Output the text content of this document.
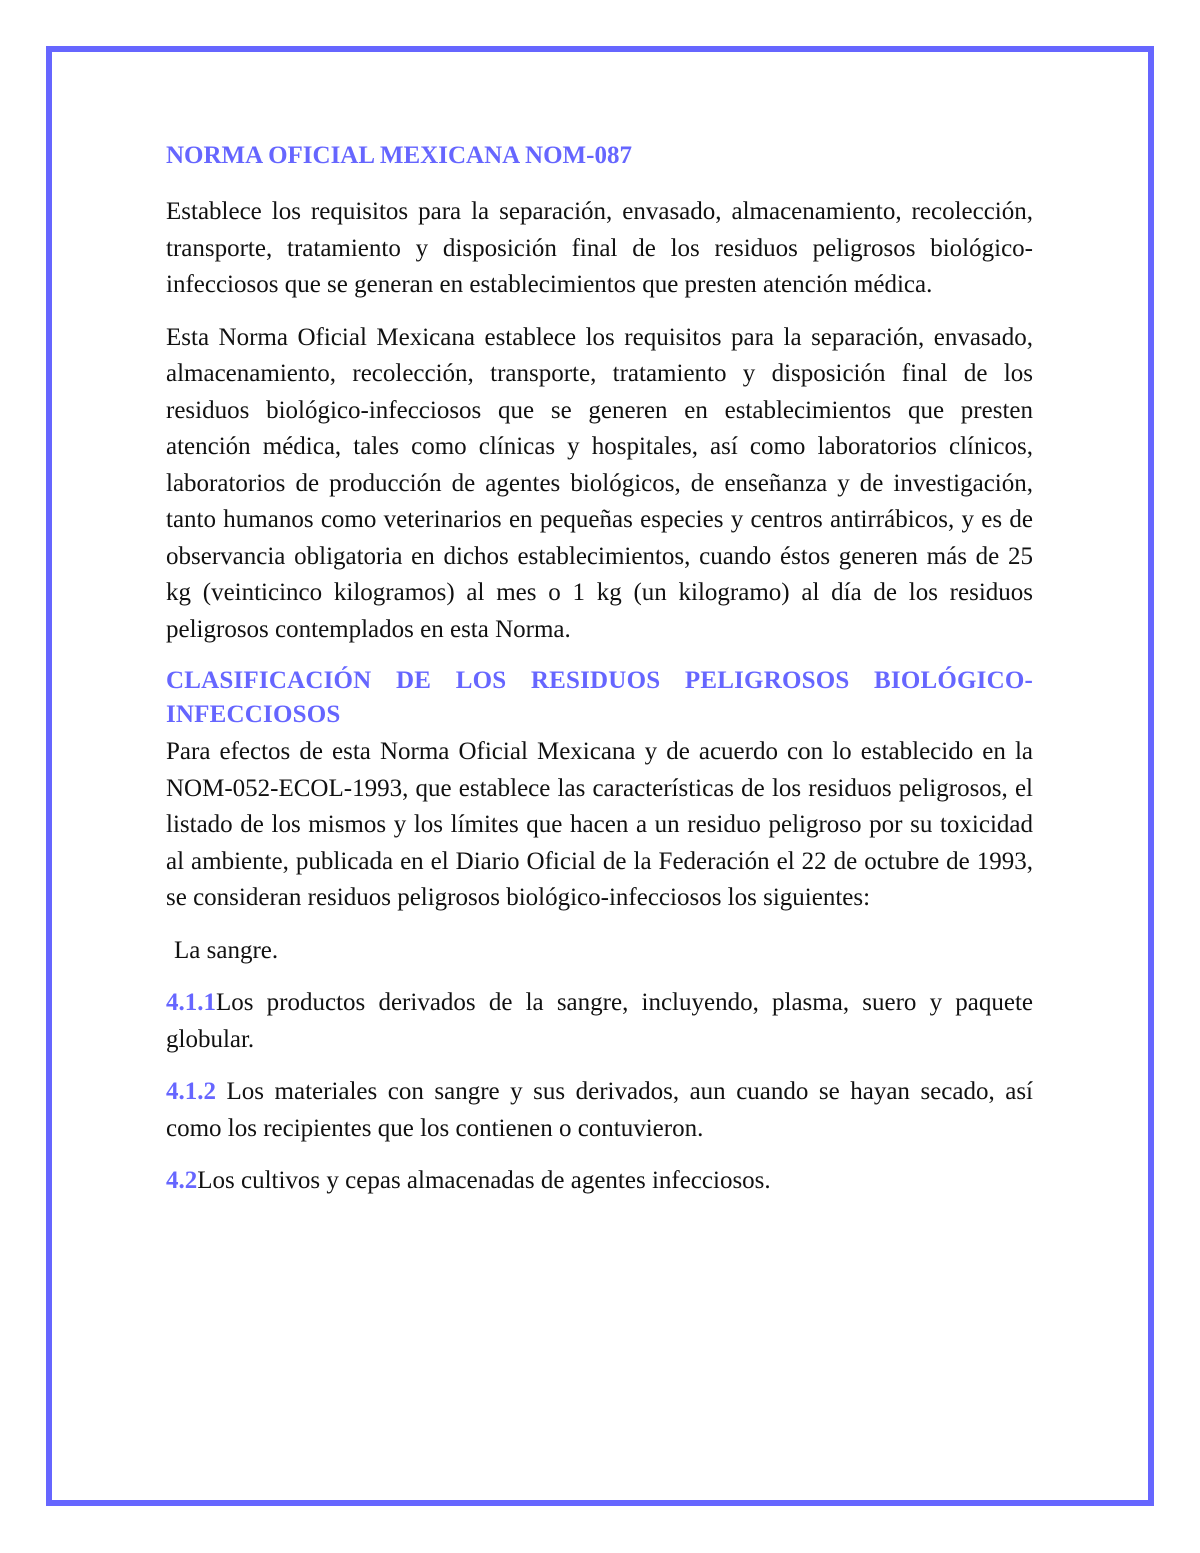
NORMA OFICIAL MEXICANA NOM-087

Establece los requisitos para la separación, envasado, almacenamiento, recolección, transporte, tratamiento y disposición final de los residuos peligrosos biológico-infecciosos que se generan en establecimientos que presten atención médica.

Esta Norma Oficial Mexicana establece los requisitos para la separación, envasado, almacenamiento, recolección, transporte, tratamiento y disposición final de los residuos biológico-infecciosos que se generen en establecimientos que presten atención médica, tales como clínicas y hospitales, así como laboratorios clínicos, laboratorios de producción de agentes biológicos, de enseñanza y de investigación, tanto humanos como veterinarios en pequeñas especies y centros antirrábicos, y es de observancia obligatoria en dichos establecimientos, cuando éstos generen más de 25 kg (veinticinco kilogramos) al mes o 1 kg (un kilogramo) al día de los residuos peligrosos contemplados en esta Norma.

CLASIFICACIÓN DE LOS RESIDUOS PELIGROSOS BIOLÓGICO-INFECCIOSOS

Para efectos de esta Norma Oficial Mexicana y de acuerdo con lo establecido en la NOM-052-ECOL-1993, que establece las características de los residuos peligrosos, el listado de los mismos y los límites que hacen a un residuo peligroso por su toxicidad al ambiente, publicada en el Diario Oficial de la Federación el 22 de octubre de 1993, se consideran residuos peligrosos biológico-infecciosos los siguientes:

La sangre.

4.1.1Los productos derivados de la sangre, incluyendo, plasma, suero y paquete globular.

4.1.2 Los materiales con sangre y sus derivados, aun cuando se hayan secado, así como los recipientes que los contienen o contuvieron.

4.2Los cultivos y cepas almacenadas de agentes infecciosos.
